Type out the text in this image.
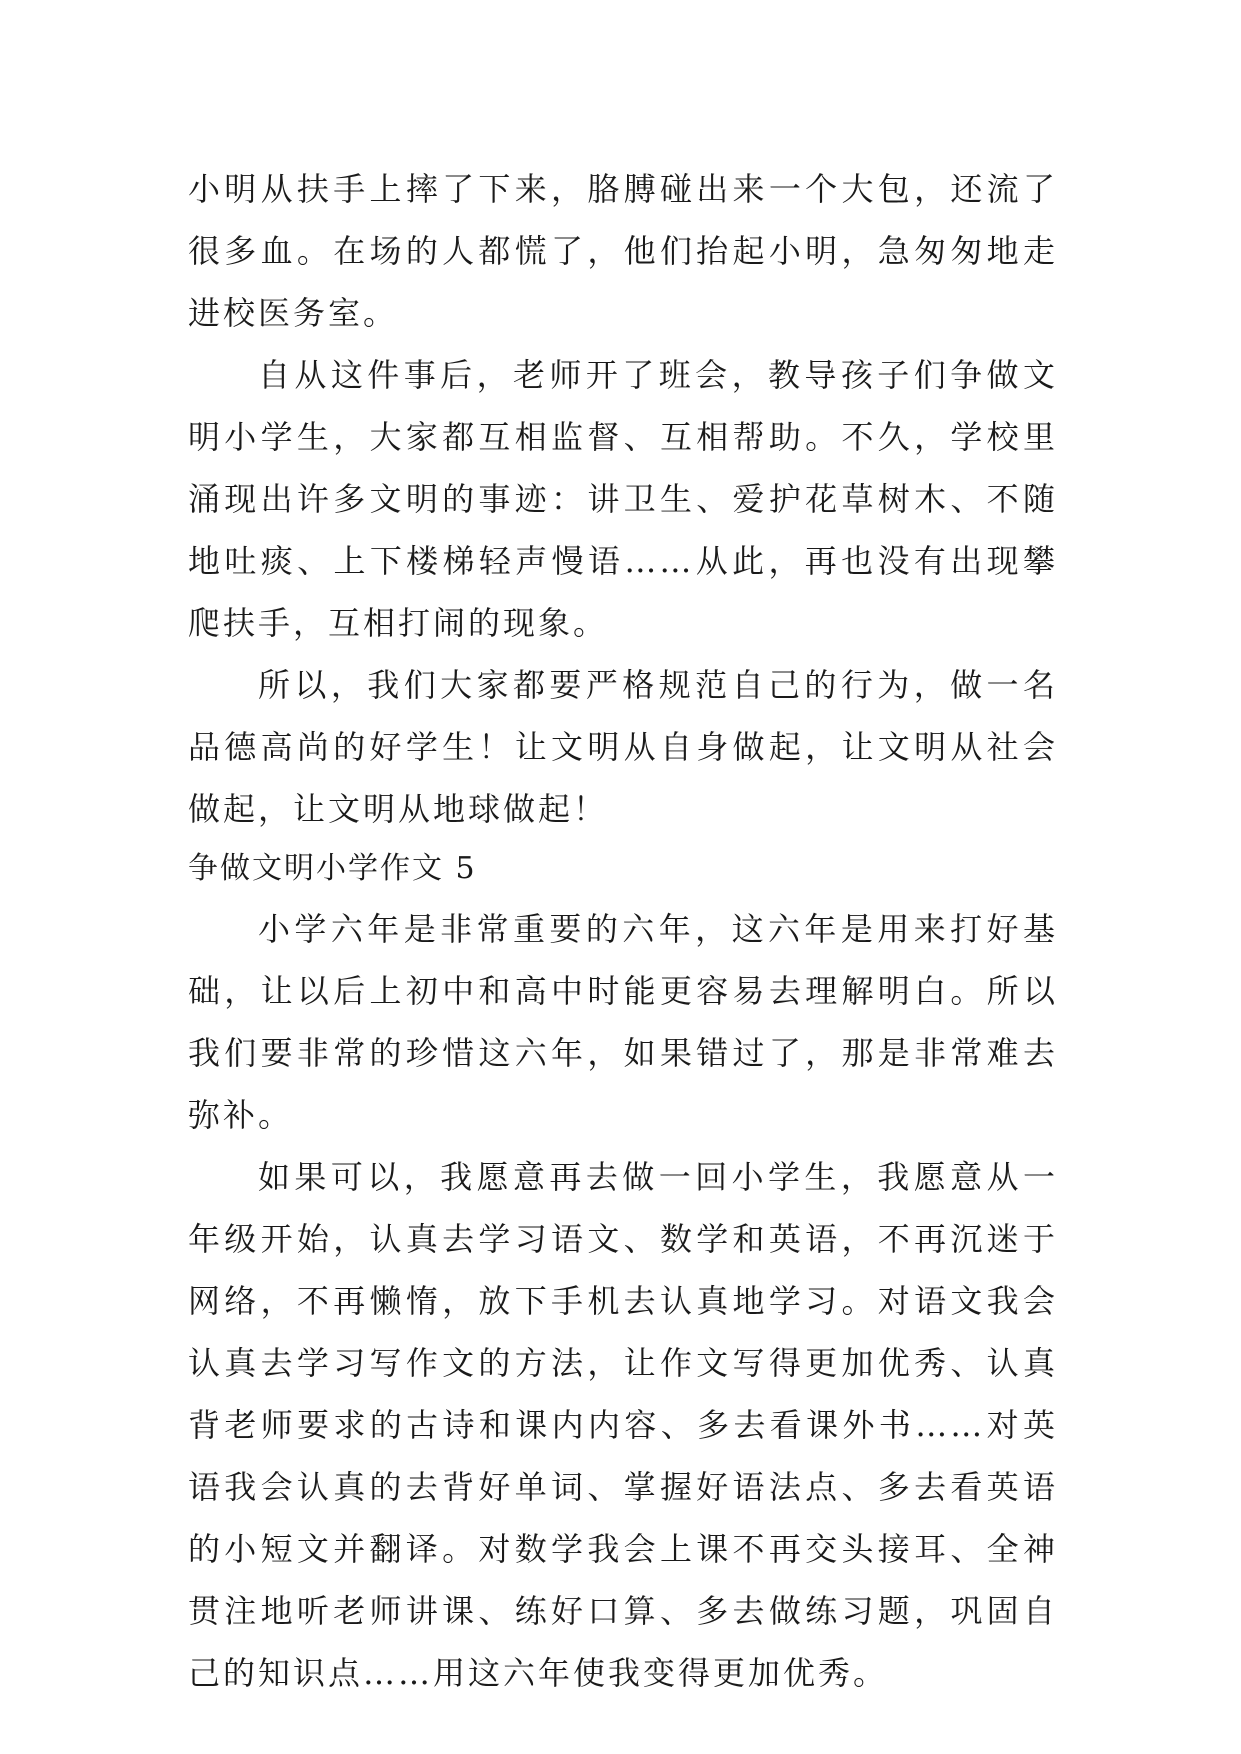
小明从扶手上摔了下来，胳膊碰出来一个大包，还流了很多血。在场的人都慌了，他们抬起小明，急匆匆地走进校医务室。

自从这件事后，老师开了班会，教导孩子们争做文明小学生，大家都互相监督、互相帮助。不久，学校里涌现出许多文明的事迹：讲卫生、爱护花草树木、不随地吐痰、上下楼梯轻声慢语……从此，再也没有出现攀爬扶手，互相打闹的现象。

所以，我们大家都要严格规范自己的行为，做一名品德高尚的好学生！让文明从自身做起，让文明从社会做起，让文明从地球做起！

争做文明小学作文 5

小学六年是非常重要的六年，这六年是用来打好基础，让以后上初中和高中时能更容易去理解明白。所以我们要非常的珍惜这六年，如果错过了，那是非常难去弥补。

如果可以，我愿意再去做一回小学生，我愿意从一年级开始，认真去学习语文、数学和英语，不再沉迷于网络，不再懒惰，放下手机去认真地学习。对语文我会认真去学习写作文的方法，让作文写得更加优秀、认真背老师要求的古诗和课内内容、多去看课外书……对英语我会认真的去背好单词、掌握好语法点、多去看英语的小短文并翻译。对数学我会上课不再交头接耳、全神贯注地听老师讲课、练好口算、多去做练习题，巩固自己的知识点……用这六年使我变得更加优秀。
